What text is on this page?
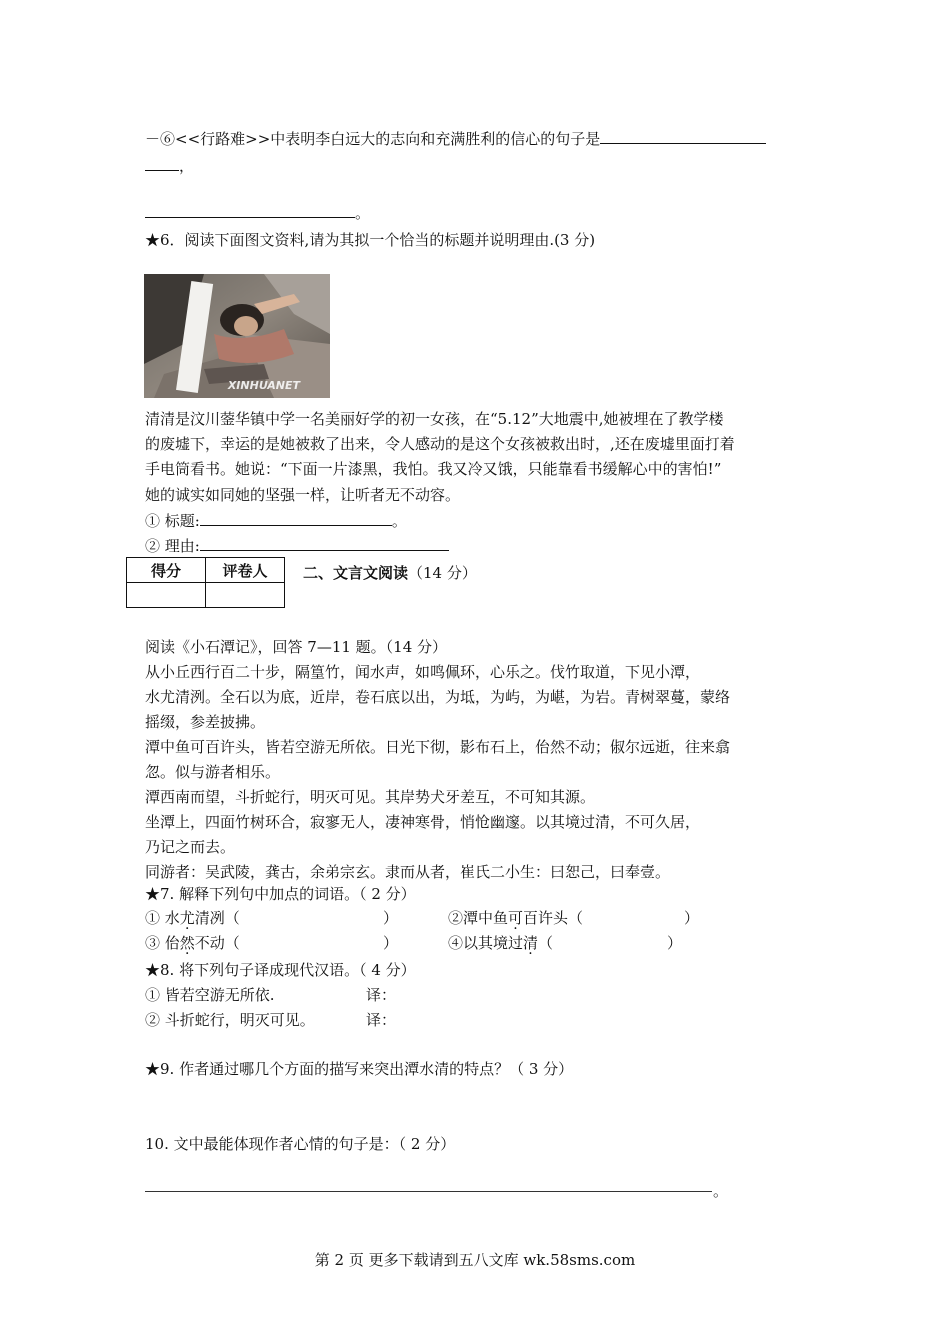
－⑥<<行路难>>中表明李白远大的志向和充满胜利的信心的句子是
，
。
★6．阅读下面图文资料,请为其拟一个恰当的标题并说明理由.(3 分)
XINHUANET
清清是汶川蓥华镇中学一名美丽好学的初一女孩，在“5.12”大地震中,她被埋在了教学楼
的废墟下，幸运的是她被救了出来，令人感动的是这个女孩被救出时，,还在废墟里面打着
手电筒看书。她说：“下面一片漆黑，我怕。我又冷又饿，只能靠看书缓解心中的害怕!”
她的诚实如同她的坚强一样，让听者无不动容。
① 标题:	。
② 理由:
得分	评卷人
	二、文言文阅读（14 分）
阅读《小石潭记》，回答 7—11 题。（14 分）
从小丘西行百二十步，隔篁竹，闻水声，如鸣佩环，心乐之。伐竹取道，下见小潭，
水尤清洌。全石以为底，近岸，卷石底以出，为坻，为屿，为嵁，为岩。青树翠蔓，蒙络
摇缀，参差披拂。
潭中鱼可百许头，皆若空游无所依。日光下彻，影布石上，佁然不动；俶尔远逝，往来翕
忽。似与游者相乐。
潭西南而望，斗折蛇行，明灭可见。其岸势犬牙差互，不可知其源。
坐潭上，四面竹树环合，寂寥无人，凄神寒骨，悄怆幽邃。以其境过清，不可久居，
乃记之而去。
同游者：吴武陵，龚古，余弟宗玄。隶而从者，崔氏二小生：曰恕己，曰奉壹。
★7. 解释下列句中加点的词语。（ 2 分）
① 水尤清冽（	）	②潭中鱼可百许头（	）
③ 佁然不动（	）	④以其境过清（	）
★8. 将下列句子译成现代汉语。（ 4 分）
① 皆若空游无所依.	译：
② 斗折蛇行，明灭可见。	译：
★9. 作者通过哪几个方面的描写来突出潭水清的特点？（ 3 分）
10. 文中最能体现作者心情的句子是：（ 2 分）
。
第 2 页 更多下载请到五八文库 wk.58sms.com
